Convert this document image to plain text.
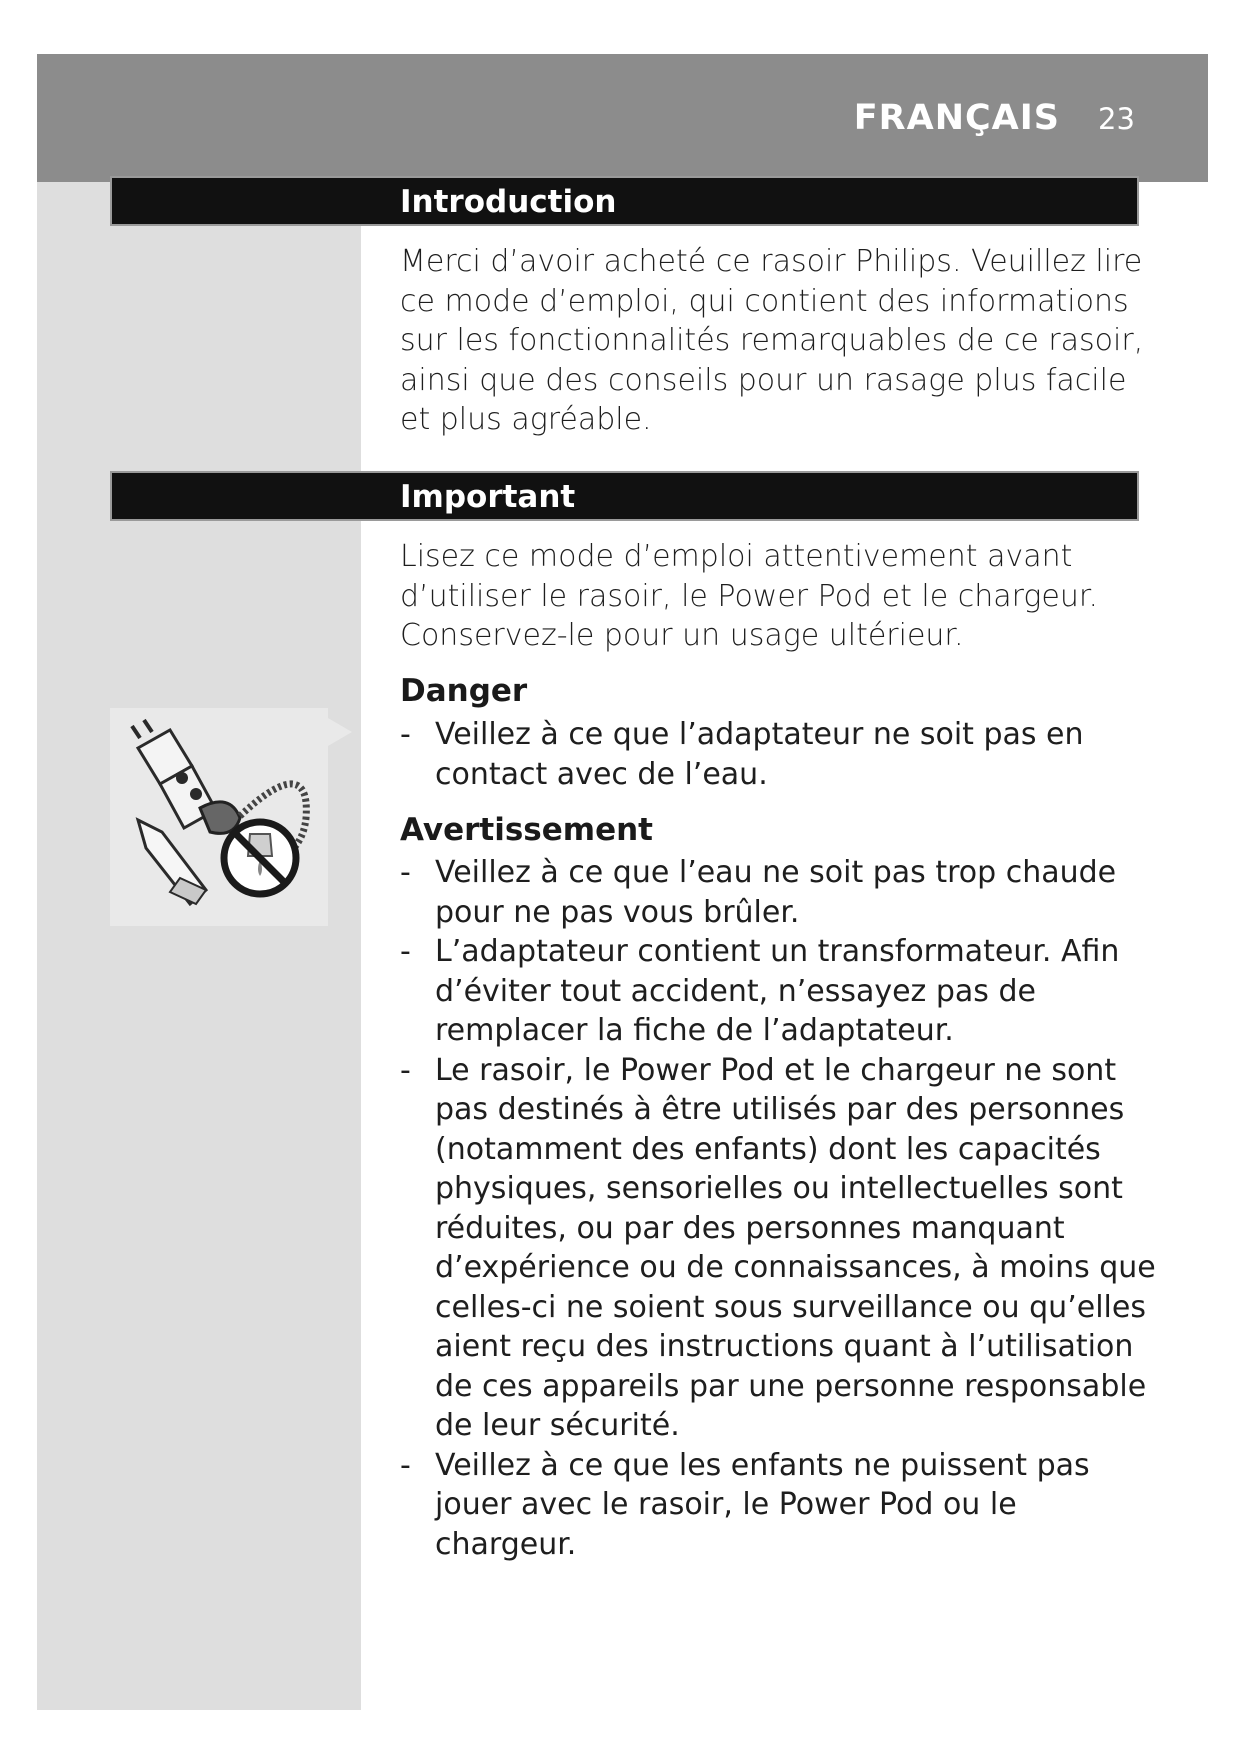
FRANÇAIS 23
Introduction

Merci d’avoir acheté ce rasoir Philips. Veuillez lire ce mode d’emploi, qui contient des informations sur les fonctionnalités remarquables de ce rasoir, ainsi que des conseils pour un rasage plus facile et plus agréable.

Important

Lisez ce mode d’emploi attentivement avant d’utiliser le rasoir, le Power Pod et le chargeur. Conservez-le pour un usage ultérieur.

Danger
- Veillez à ce que l’adaptateur ne soit pas en contact avec de l’eau.
Avertissement
- Veillez à ce que l’eau ne soit pas trop chaude pour ne pas vous brûler.
- L’adaptateur contient un transformateur. Afin d’éviter tout accident, n’essayez pas de remplacer la fiche de l’adaptateur.
- Le rasoir, le Power Pod et le chargeur ne sont pas destinés à être utilisés par des personnes (notamment des enfants) dont les capacités physiques, sensorielles ou intellectuelles sont réduites, ou par des personnes manquant d’expérience ou de connaissances, à moins que celles-ci ne soient sous surveillance ou qu’elles aient reçu des instructions quant à l’utilisation de ces appareils par une personne responsable de leur sécurité.
- Veillez à ce que les enfants ne puissent pas jouer avec le rasoir, le Power Pod ou le chargeur.
